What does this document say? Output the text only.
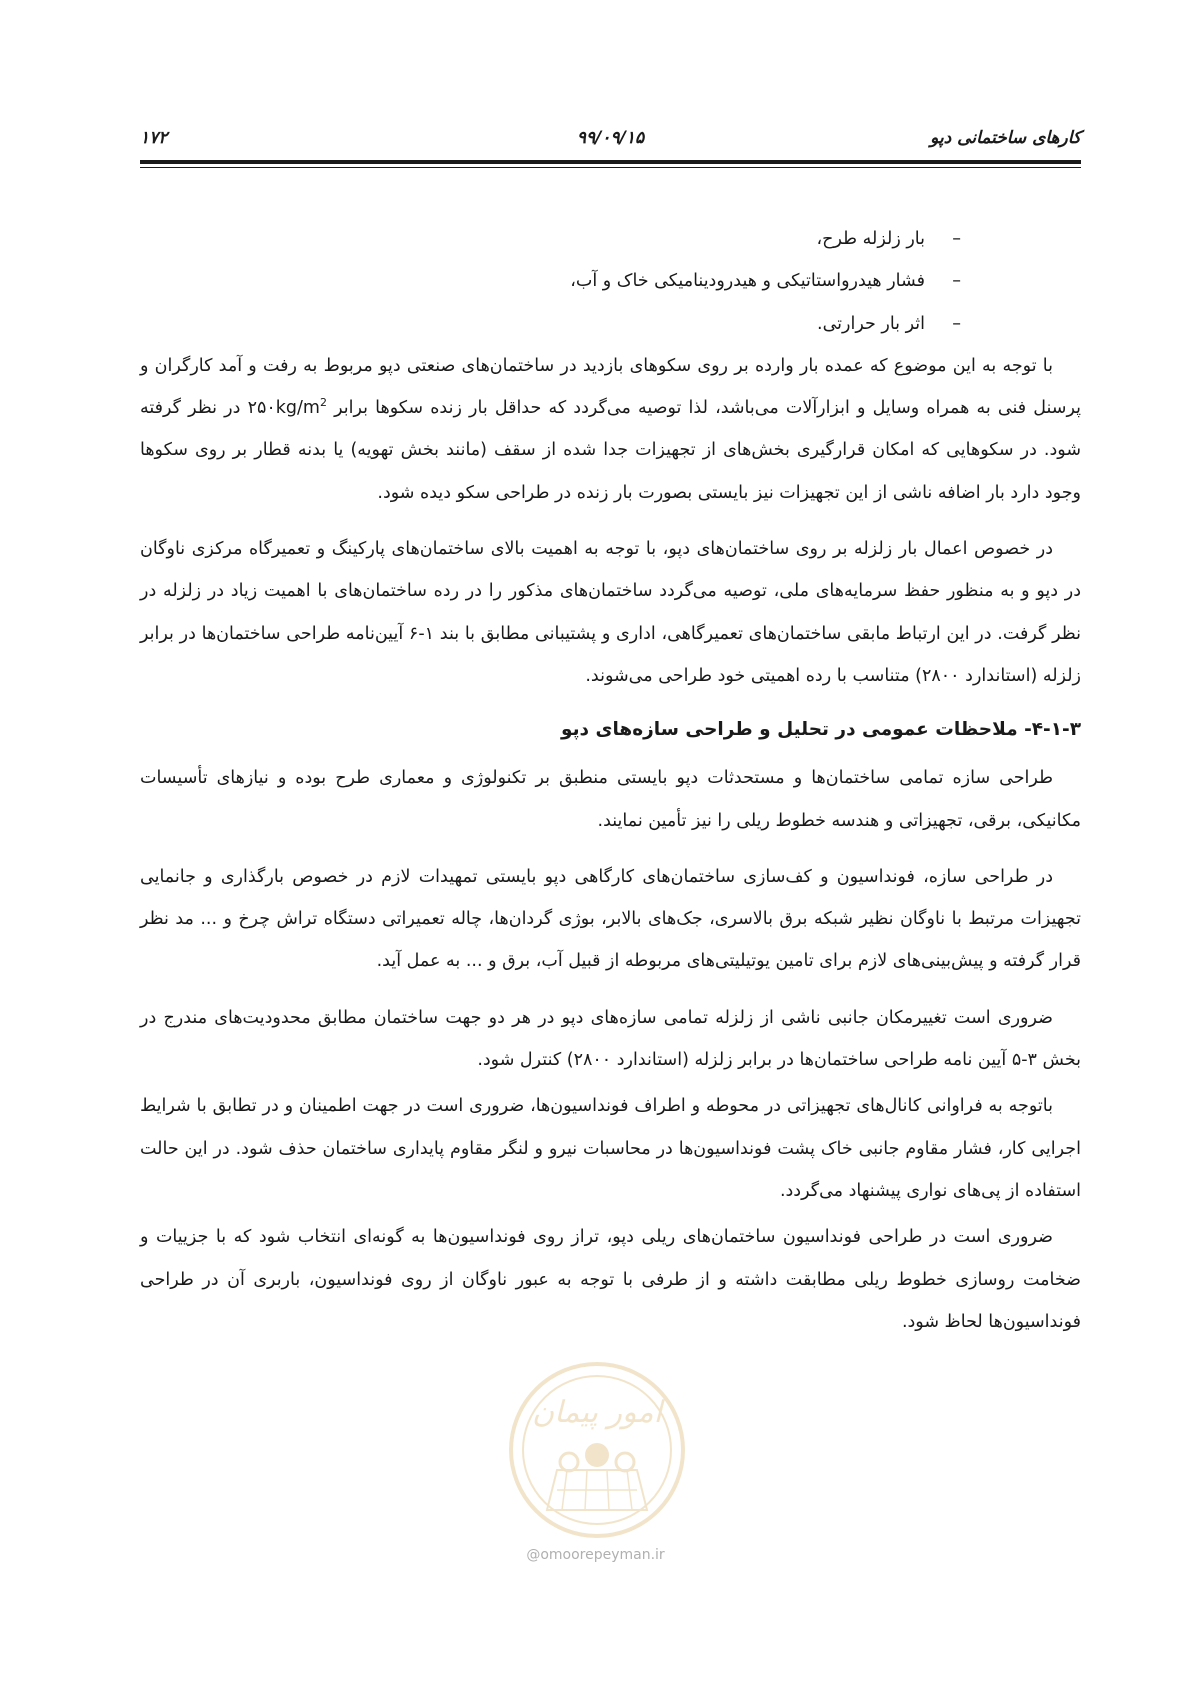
کارهای ساختمانی دپو
۹۹/۰۹/۱۵
۱۷۲
–بار زلزله طرح،
–فشار هیدرواستاتیکی و هیدرودینامیکی خاک و آب،
–اثر بار حرارتی.

با توجه به این موضوع که عمده بار وارده بر روی سکوهای بازدید در ساختمان‌های صنعتی دپو مربوط به رفت و آمد کارگران و پرسنل فنی به همراه وسایل و ابزارآلات می‌باشد، لذا توصیه می‌گردد که حداقل بار زنده سکوها برابر $۲۵۰kg/m^2$ در نظر گرفته شود. در سکوهایی که امکان قرارگیری بخش‌های از تجهیزات جدا شده از سقف (مانند بخش تهویه) یا بدنه قطار بر روی سکوها وجود دارد بار اضافه ناشی از این تجهیزات نیز بایستی بصورت بار زنده در طراحی سکو دیده شود.

در خصوص اعمال بار زلزله بر روی ساختمان‌های دپو، با توجه به اهمیت بالای ساختمان‌های پارکینگ و تعمیرگاه مرکزی ناوگان در دپو و به منظور حفظ سرمایه‌های ملی، توصیه می‌گردد ساختمان‌های مذکور را در رده ساختمان‌های با اهمیت زیاد در زلزله در نظر گرفت. در این ارتباط مابقی ساختمان‌های تعمیرگاهی، اداری و پشتیبانی مطابق با بند ۱-۶ آیین‌نامه طراحی ساختمان‌ها در برابر زلزله (استاندارد ۲۸۰۰) متناسب با رده اهمیتی خود طراحی می‌شوند.

۴-۱-۳- ملاحظات عمومی در تحلیل و طراحی سازه‌های دپو

طراحی سازه تمامی ساختمان‌ها و مستحدثات دپو بایستی منطبق بر تکنولوژی و معماری طرح بوده و نیازهای تأسیسات مکانیکی، برقی، تجهیزاتی و هندسه خطوط ریلی را نیز تأمین نمایند.

در طراحی سازه، فونداسیون و کف‌سازی ساختمان‌های کارگاهی دپو بایستی تمهیدات لازم در خصوص بارگذاری و جانمایی تجهیزات مرتبط با ناوگان نظیر شبکه برق بالاسری، جک‌های بالابر، بوژی گردان‌ها، چاله تعمیراتی دستگاه تراش چرخ و ... مد نظر قرار گرفته و پیش‌بینی‌های لازم برای تامین یوتیلیتی‌های مربوطه از قبیل آب، برق و ... به عمل آید.

ضروری است تغییرمکان جانبی ناشی از زلزله تمامی سازه‌های دپو در هر دو جهت ساختمان مطابق محدودیت‌های مندرج در بخش ۳-۵ آیین نامه طراحی ساختمان‌ها در برابر زلزله (استاندارد ۲۸۰۰) کنترل شود.

باتوجه به فراوانی کانال‌های تجهیزاتی در محوطه و اطراف فونداسیون‌ها، ضروری است در جهت اطمینان و در تطابق با شرایط اجرایی کار، فشار مقاوم جانبی خاک پشت فونداسیون‌ها در محاسبات نیرو و لنگر مقاوم پایداری ساختمان حذف شود. در این حالت استفاده از پی‌های نواری پیشنهاد می‌گردد.

ضروری است در طراحی فونداسیون ساختمان‌های ریلی دپو، تراز روی فونداسیون‌ها به گونه‌ای انتخاب شود که با جزییات و ضخامت روسازی خطوط ریلی مطابقت داشته و از طرفی با توجه به عبور ناوگان از روی فونداسیون، باربری آن در طراحی فونداسیون‌ها لحاظ شود.

امور پیمان
@omoorepeyman.ir
